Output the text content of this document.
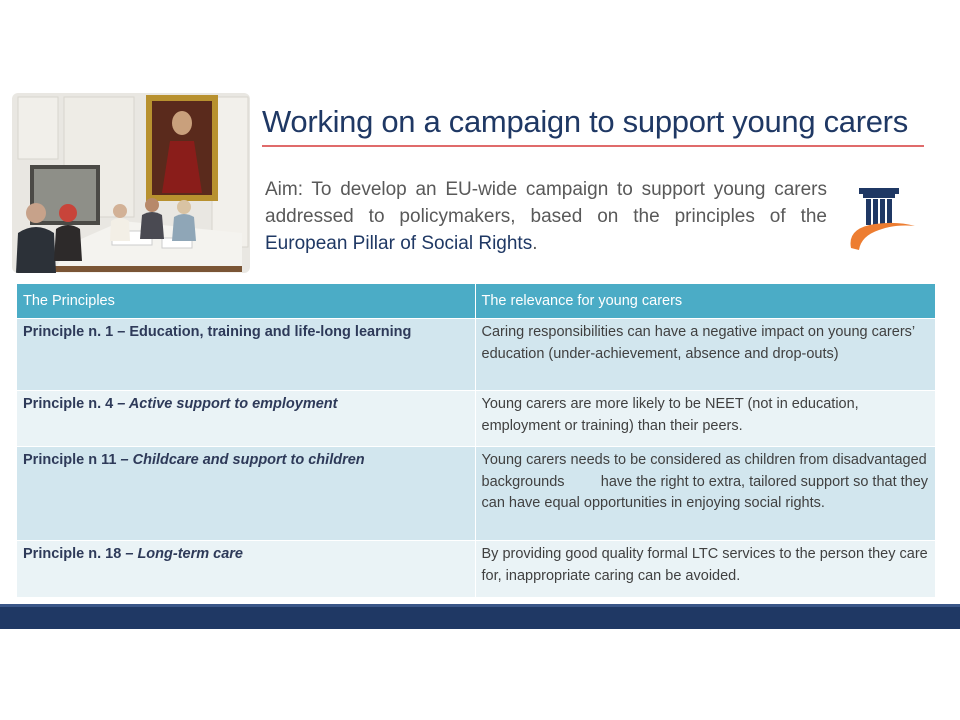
Working on a campaign to support young carers

Aim: To develop an EU-wide campaign to support young carers addressed to policymakers, based on the principles of the European Pillar of Social Rights.

The Principles	The relevance for young carers
Principle n. 1 – Education, training and life-long learning	Caring responsibilities can have a negative impact on young carers’ education (under-achievement, absence and drop-outs)
Principle n. 4 – Active support to employment	Young carers are more likely to be NEET (not in education, employment or training) than their peers.
Principle n 11 – Childcare and support to children	Young carers needs to be considered as children from disadvantaged backgrounds         have the right to extra, tailored support so that they can have equal opportunities in enjoying social rights.
Principle n. 18 – Long-term care	By providing good quality formal LTC services to the person they care for, inappropriate caring can be avoided.
